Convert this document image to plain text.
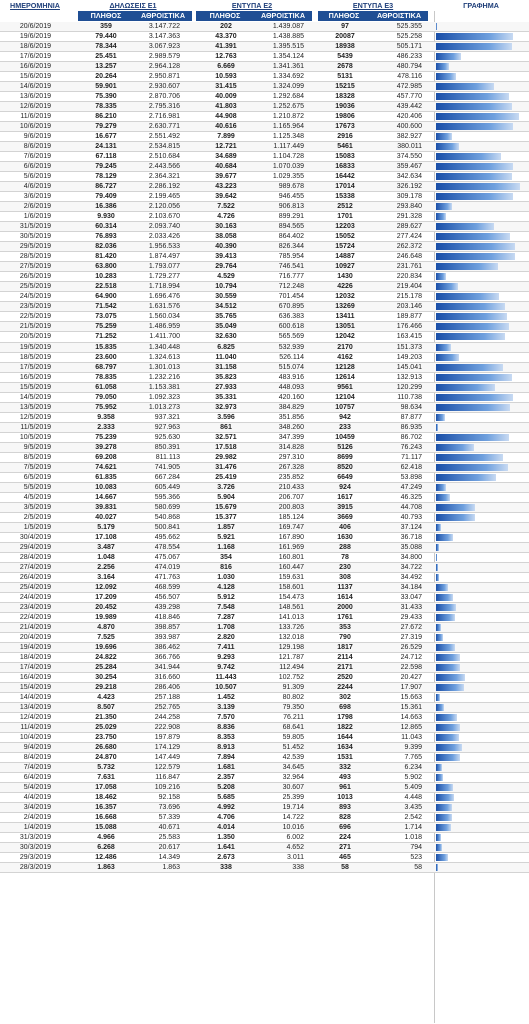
ΗΜΕΡΟΜΗΝΙΑ	ΔΗΛΩΣΕΙΣ Ε1	ΕΝΤΥΠΑ Ε2	ΕΝΤΥΠΑ Ε3	ΓΡΑΦΗΜΑ
ΠΛΗΘΟΣ	ΑΘΡΟΙΣΤΙΚΑ	ΠΛΗΘΟΣ	ΑΘΡΟΙΣΤΙΚΑ	ΠΛΗΘΟΣ	ΑΘΡΟΙΣΤΙΚΑ
20/6/2019	359	3.147.722	202	1.439.087	97	525.355
19/6/2019	79.440	3.147.363	43.370	1.438.885	20087	525.258
18/6/2019	78.344	3.067.923	41.391	1.395.515	18938	505.171
17/6/2019	25.451	2.989.579	12.763	1.354.124	5439	486.233
16/6/2019	13.257	2.964.128	6.669	1.341.361	2678	480.794
15/6/2019	20.264	2.950.871	10.593	1.334.692	5131	478.116
14/6/2019	59.901	2.930.607	31.415	1.324.099	15215	472.985
13/6/2019	75.390	2.870.706	40.009	1.292.684	18328	457.770
12/6/2019	78.335	2.795.316	41.803	1.252.675	19036	439.442
11/6/2019	86.210	2.716.981	44.908	1.210.872	19806	420.406
10/6/2019	79.279	2.630.771	40.616	1.165.964	17673	400.600
9/6/2019	16.677	2.551.492	7.899	1.125.348	2916	382.927
8/6/2019	24.131	2.534.815	12.721	1.117.449	5461	380.011
7/6/2019	67.118	2.510.684	34.689	1.104.728	15083	374.550
6/6/2019	79.245	2.443.566	40.684	1.070.039	16833	359.467
5/6/2019	78.129	2.364.321	39.677	1.029.355	16442	342.634
4/6/2019	86.727	2.286.192	43.223	989.678	17014	326.192
3/6/2019	79.409	2.199.465	39.642	946.455	15338	309.178
2/6/2019	16.386	2.120.056	7.522	906.813	2512	293.840
1/6/2019	9.930	2.103.670	4.726	899.291	1701	291.328
31/5/2019	60.314	2.093.740	30.163	894.565	12203	289.627
30/5/2019	76.893	2.033.426	38.058	864.402	15052	277.424
29/5/2019	82.036	1.956.533	40.390	826.344	15724	262.372
28/5/2019	81.420	1.874.497	39.413	785.954	14887	246.648
27/5/2019	63.800	1.793.077	29.764	746.541	10927	231.761
26/5/2019	10.283	1.729.277	4.529	716.777	1430	220.834
25/5/2019	22.518	1.718.994	10.794	712.248	4226	219.404
24/5/2019	64.900	1.696.476	30.559	701.454	12032	215.178
23/5/2019	71.542	1.631.576	34.512	670.895	13269	203.146
22/5/2019	73.075	1.560.034	35.765	636.383	13411	189.877
21/5/2019	75.259	1.486.959	35.049	600.618	13051	176.466
20/5/2019	71.252	1.411.700	32.630	565.569	12042	163.415
19/5/2019	15.835	1.340.448	6.825	532.939	2170	151.373
18/5/2019	23.600	1.324.613	11.040	526.114	4162	149.203
17/5/2019	68.797	1.301.013	31.158	515.074	12128	145.041
16/5/2019	78.835	1.232.216	35.823	483.916	12614	132.913
15/5/2019	61.058	1.153.381	27.933	448.093	9561	120.299
14/5/2019	79.050	1.092.323	35.331	420.160	12104	110.738
13/5/2019	75.952	1.013.273	32.973	384.829	10757	98.634
12/5/2019	9.358	937.321	3.596	351.856	942	87.877
11/5/2019	2.333	927.963	861	348.260	233	86.935
10/5/2019	75.239	925.630	32.571	347.399	10459	86.702
9/5/2019	39.278	850.391	17.518	314.828	5126	76.243
8/5/2019	69.208	811.113	29.982	297.310	8699	71.117
7/5/2019	74.621	741.905	31.476	267.328	8520	62.418
6/5/2019	61.835	667.284	25.419	235.852	6649	53.898
5/5/2019	10.083	605.449	3.726	210.433	924	47.249
4/5/2019	14.667	595.366	5.904	206.707	1617	46.325
3/5/2019	39.831	580.699	15.679	200.803	3915	44.708
2/5/2019	40.027	540.868	15.377	185.124	3669	40.793
1/5/2019	5.179	500.841	1.857	169.747	406	37.124
30/4/2019	17.108	495.662	5.921	167.890	1630	36.718
29/4/2019	3.487	478.554	1.168	161.969	288	35.088
28/4/2019	1.048	475.067	354	160.801	78	34.800
27/4/2019	2.256	474.019	816	160.447	230	34.722
26/4/2019	3.164	471.763	1.030	159.631	308	34.492
25/4/2019	12.092	468.599	4.128	158.601	1137	34.184
24/4/2019	17.209	456.507	5.912	154.473	1614	33.047
23/4/2019	20.452	439.298	7.548	148.561	2000	31.433
22/4/2019	19.989	418.846	7.287	141.013	1761	29.433
21/4/2019	4.870	398.857	1.708	133.726	353	27.672
20/4/2019	7.525	393.987	2.820	132.018	790	27.319
19/4/2019	19.696	386.462	7.411	129.198	1817	26.529
18/4/2019	24.822	366.766	9.293	121.787	2114	24.712
17/4/2019	25.284	341.944	9.742	112.494	2171	22.598
16/4/2019	30.254	316.660	11.443	102.752	2520	20.427
15/4/2019	29.218	286.406	10.507	91.309	2244	17.907
14/4/2019	4.423	257.188	1.452	80.802	302	15.663
13/4/2019	8.507	252.765	3.139	79.350	698	15.361
12/4/2019	21.350	244.258	7.570	76.211	1798	14.663
11/4/2019	25.029	222.908	8.836	68.641	1822	12.865
10/4/2019	23.750	197.879	8.353	59.805	1644	11.043
9/4/2019	26.680	174.129	8.913	51.452	1634	9.399
8/4/2019	24.870	147.449	7.894	42.539	1531	7.765
7/4/2019	5.732	122.579	1.681	34.645	332	6.234
6/4/2019	7.631	116.847	2.357	32.964	493	5.902
5/4/2019	17.058	109.216	5.208	30.607	961	5.409
4/4/2019	18.462	92.158	5.685	25.399	1013	4.448
3/4/2019	16.357	73.696	4.992	19.714	893	3.435
2/4/2019	16.668	57.339	4.706	14.722	828	2.542
1/4/2019	15.088	40.671	4.014	10.016	696	1.714
31/3/2019	4.966	25.583	1.350	6.002	224	1.018
30/3/2019	6.268	20.617	1.641	4.652	271	794
29/3/2019	12.486	14.349	2.673	3.011	465	523
28/3/2019	1.863	1.863	338	338	58	58
